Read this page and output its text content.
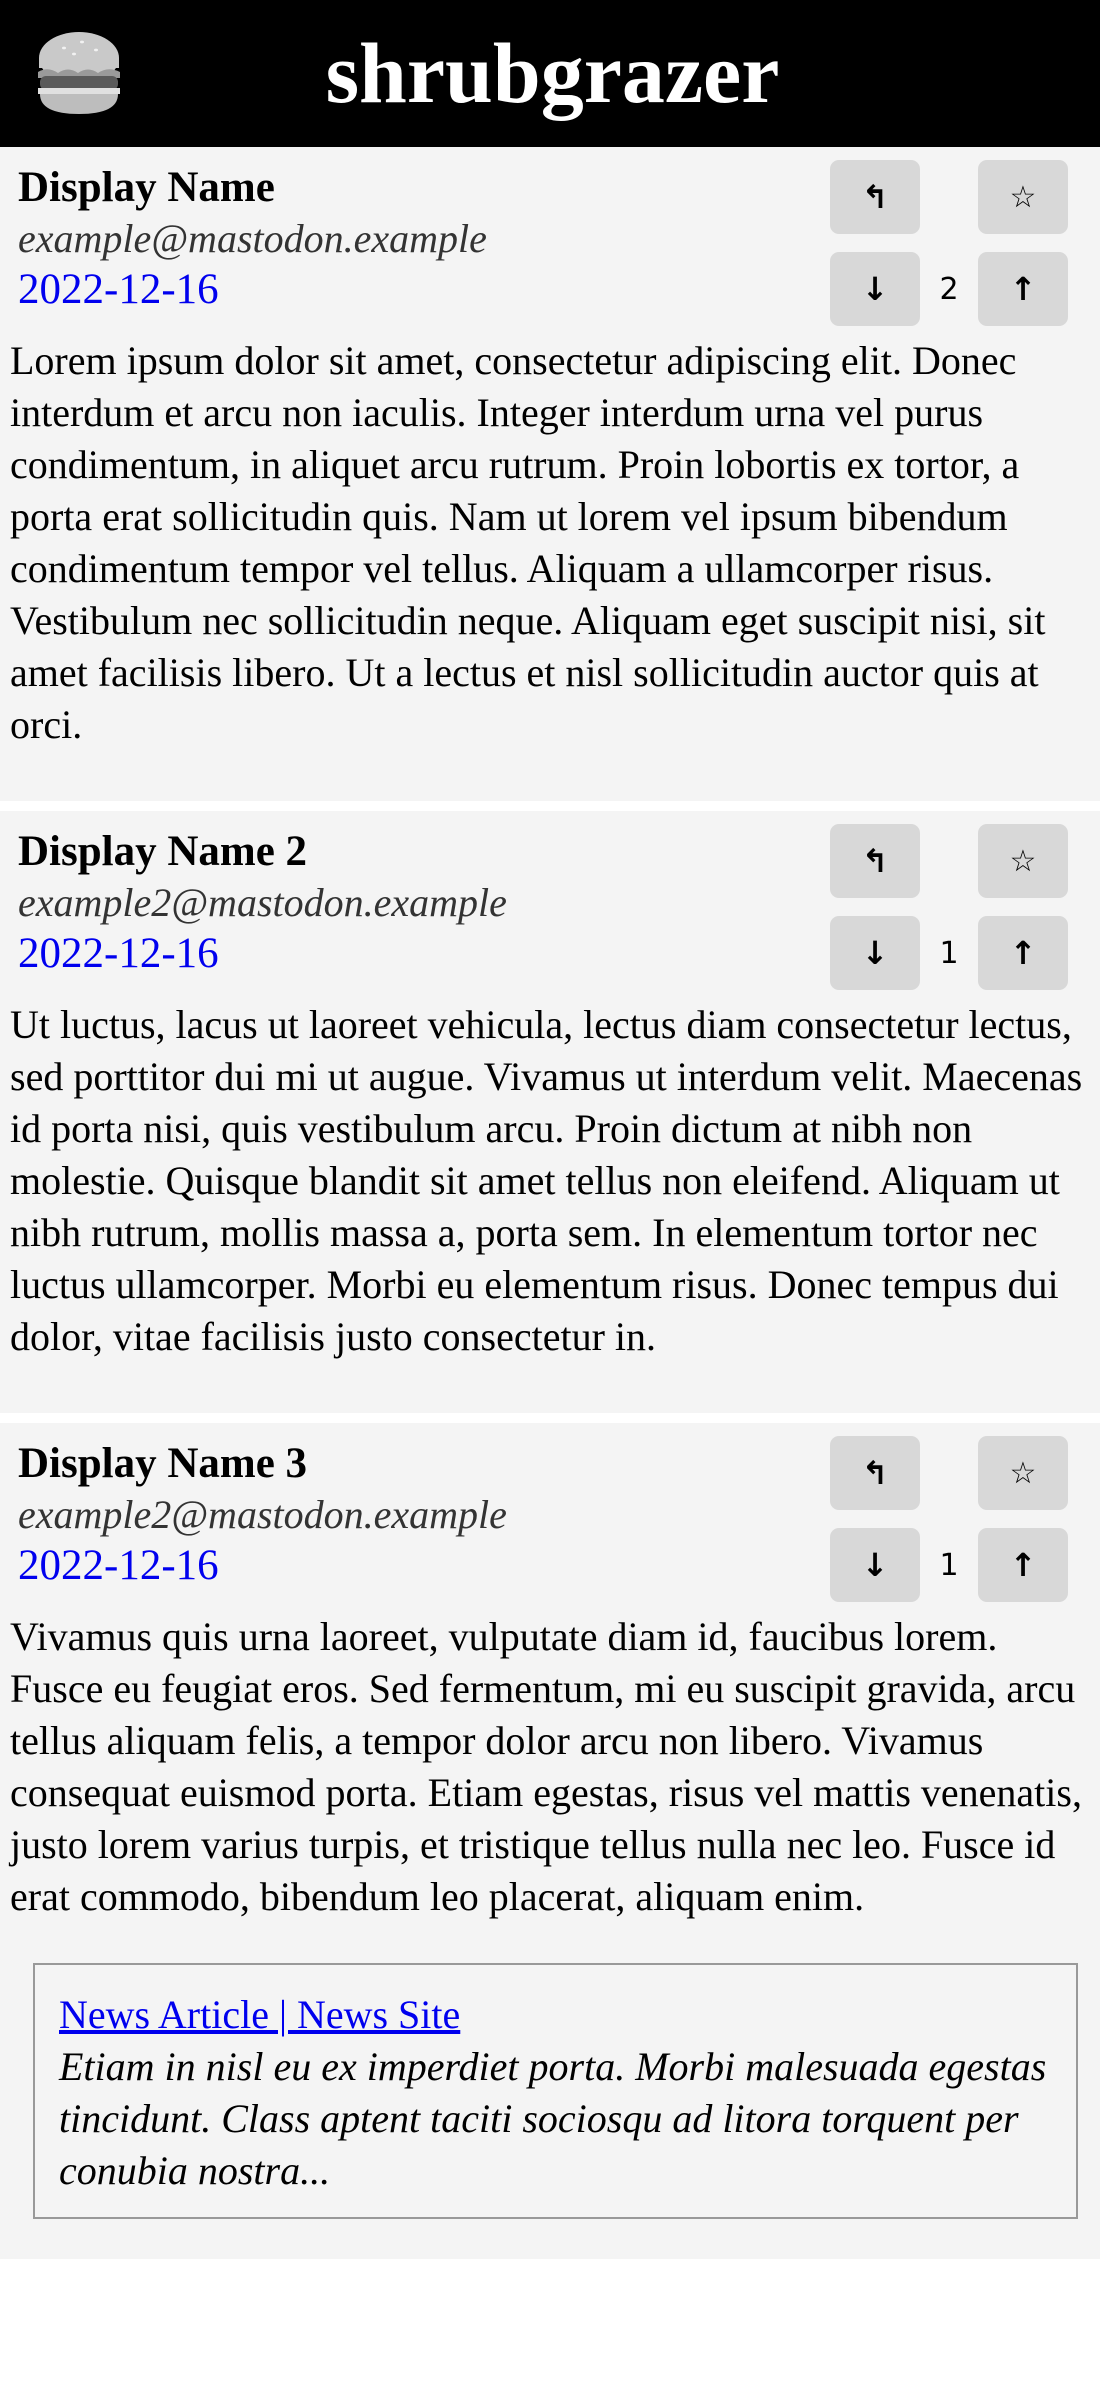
shrubgrazer
Display Name
example@mastodon.example
2022-12-16
↰	☆
↓	2	↑
Lorem ipsum dolor sit amet, consectetur adipiscing elit. Donec interdum et arcu non iaculis. Integer interdum urna vel purus condimentum, in aliquet arcu rutrum. Proin lobortis ex tortor, a porta erat sollicitudin quis. Nam ut lorem vel ipsum bibendum condimentum tempor vel tellus. Aliquam a ullamcorper risus. Vestibulum nec sollicitudin neque. Aliquam eget suscipit nisi, sit amet facilisis libero. Ut a lectus et nisl sollicitudin auctor quis at orci.
Display Name 2
example2@mastodon.example
2022-12-16
↰	☆
↓	1	↑
Ut luctus, lacus ut laoreet vehicula, lectus diam consectetur lectus, sed porttitor dui mi ut augue. Vivamus ut interdum velit. Maecenas id porta nisi, quis vestibulum arcu. Proin dictum at nibh non molestie. Quisque blandit sit amet tellus non eleifend. Aliquam ut nibh rutrum, mollis massa a, porta sem. In elementum tortor nec luctus ullamcorper. Morbi eu elementum risus. Donec tempus dui dolor, vitae facilisis justo consectetur in.
Display Name 3
example2@mastodon.example
2022-12-16
↰	☆
↓	1	↑
Vivamus quis urna laoreet, vulputate diam id, faucibus lorem. Fusce eu feugiat eros. Sed fermentum, mi eu suscipit gravida, arcu tellus aliquam felis, a tempor dolor arcu non libero. Vivamus consequat euismod porta. Etiam egestas, risus vel mattis venenatis, justo lorem varius turpis, et tristique tellus nulla nec leo. Fusce id erat commodo, bibendum leo placerat, aliquam enim.
News Article | News Site
Etiam in nisl eu ex imperdiet porta. Morbi malesuada egestas tincidunt. Class aptent taciti sociosqu ad litora torquent per conubia nostra...
